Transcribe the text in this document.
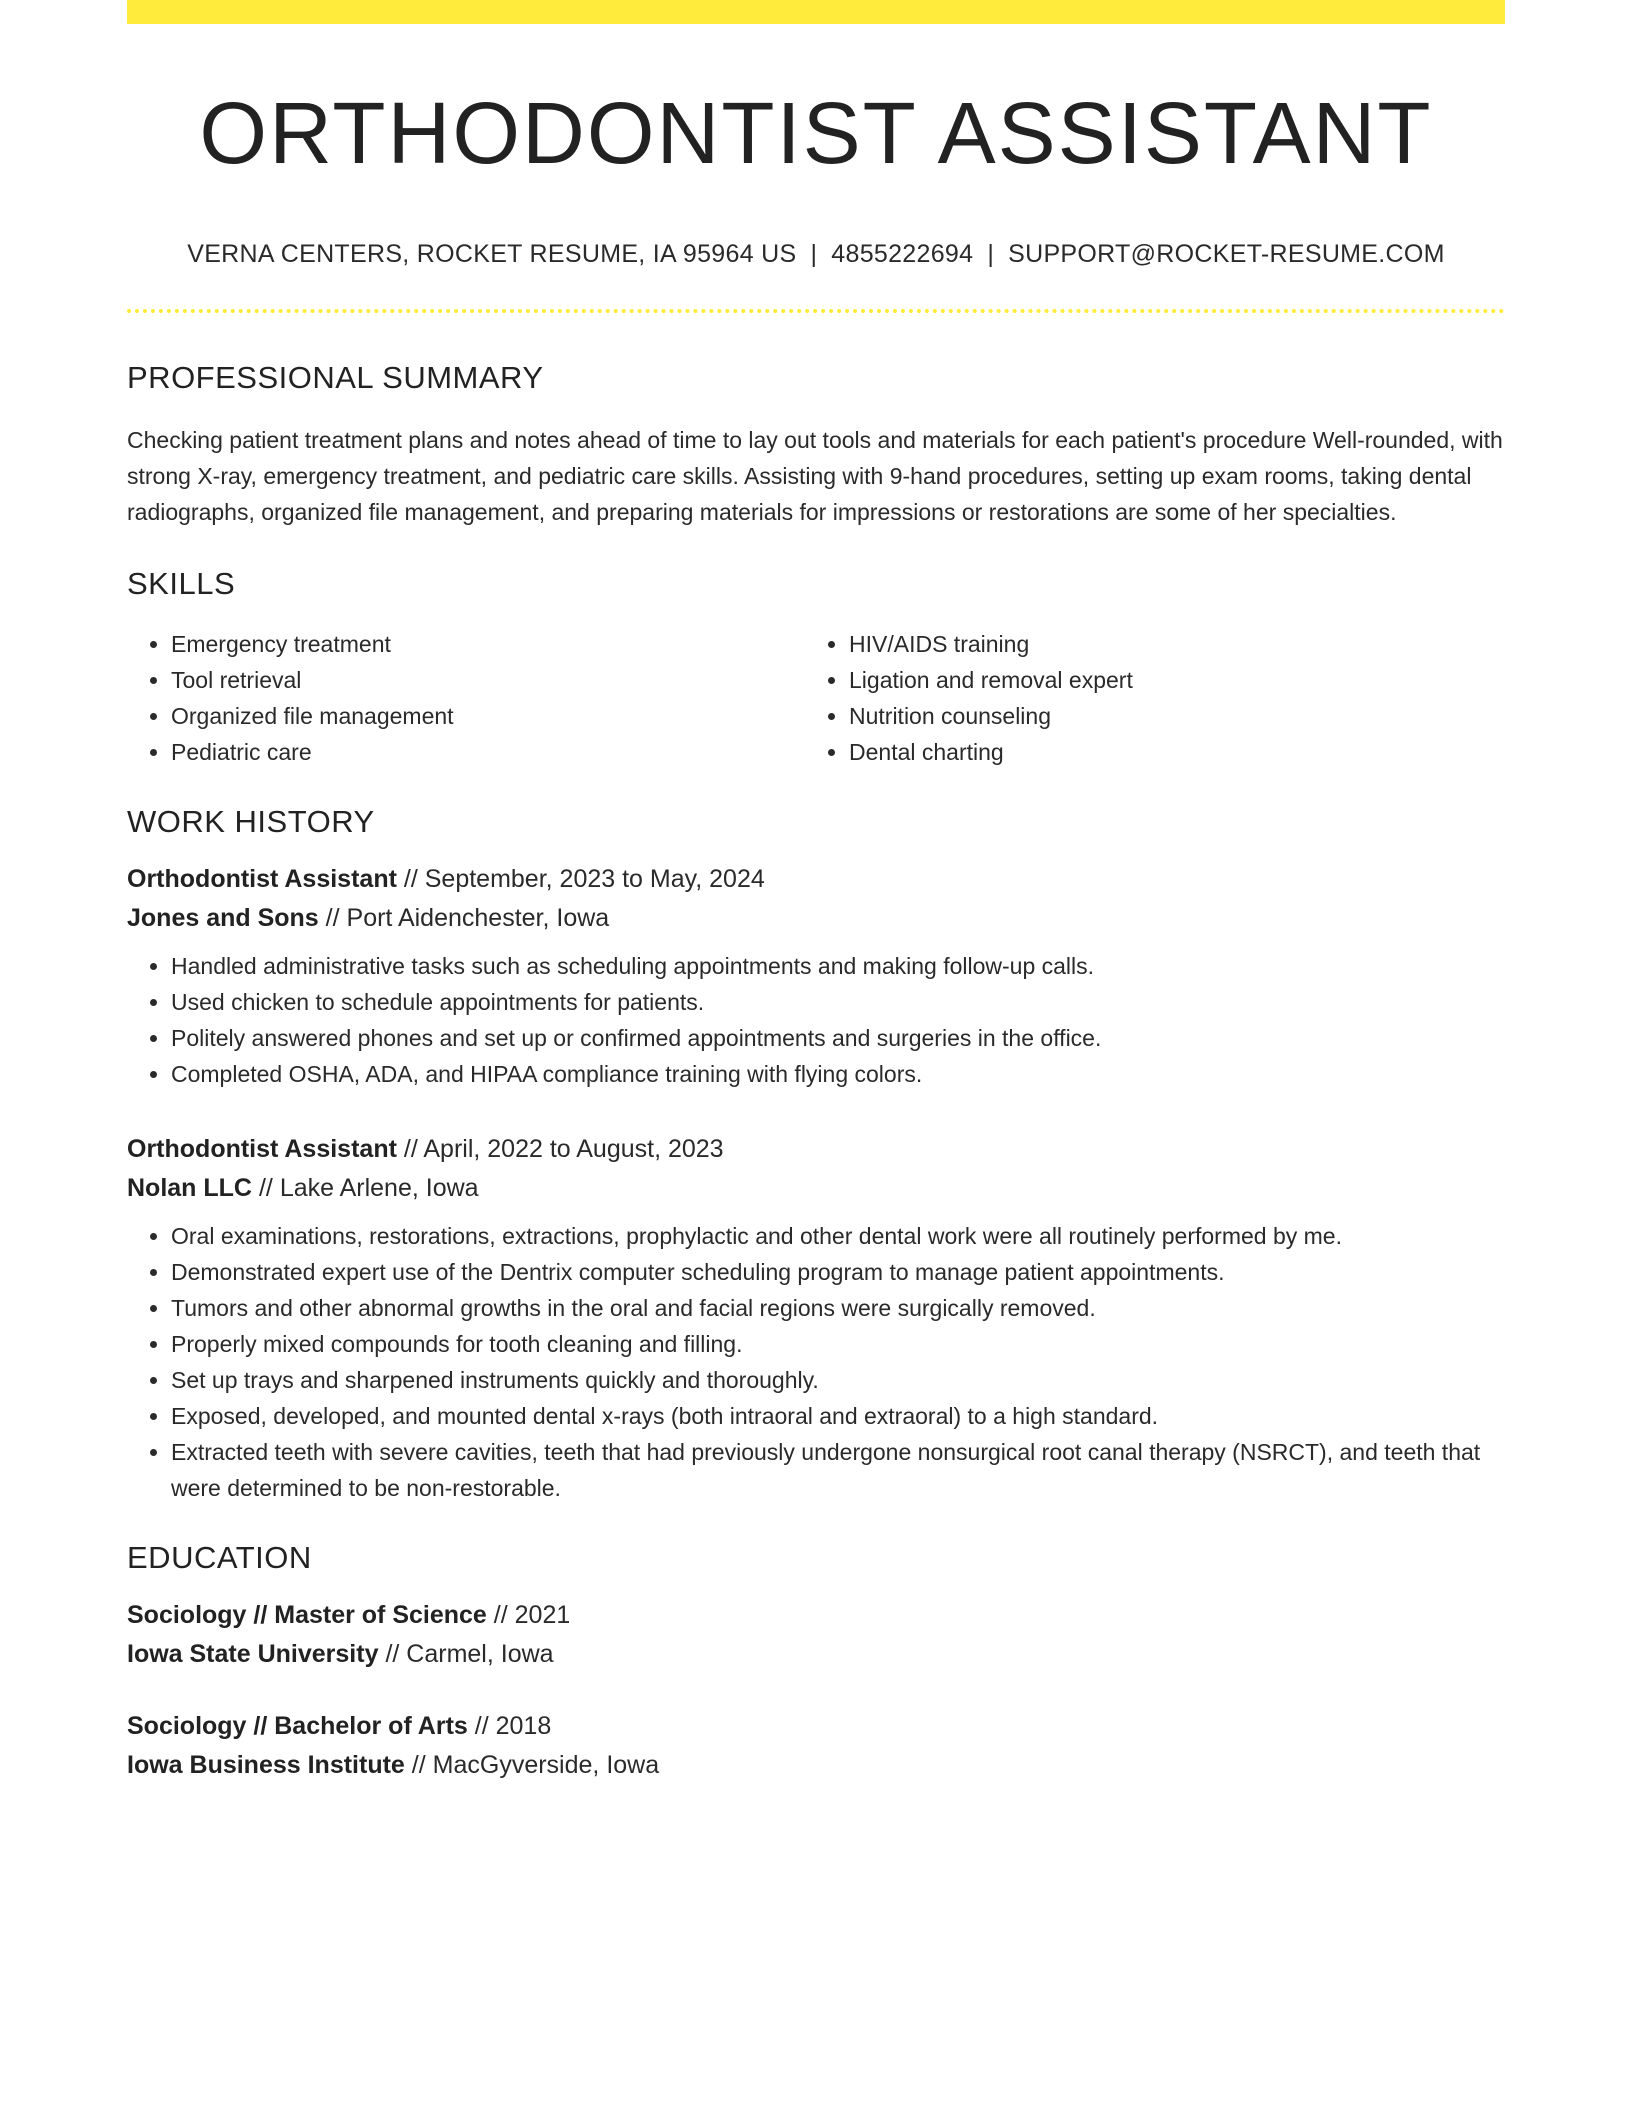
ORTHODONTIST ASSISTANT
VERNA CENTERS, ROCKET RESUME, IA 95964 US | 4855222694 | SUPPORT@ROCKET-RESUME.COM
PROFESSIONAL SUMMARY
Checking patient treatment plans and notes ahead of time to lay out tools and materials for each patient's procedure Well-rounded, with strong X-ray, emergency treatment, and pediatric care skills. Assisting with 9-hand procedures, setting up exam rooms, taking dental radiographs, organized file management, and preparing materials for impressions or restorations are some of her specialties.
SKILLS
• Emergency treatment
• Tool retrieval
• Organized file management
• Pediatric care
• HIV/AIDS training
• Ligation and removal expert
• Nutrition counseling
• Dental charting
WORK HISTORY
Orthodontist Assistant // September, 2023 to May, 2024
Jones and Sons // Port Aidenchester, Iowa
• Handled administrative tasks such as scheduling appointments and making follow-up calls.
• Used chicken to schedule appointments for patients.
• Politely answered phones and set up or confirmed appointments and surgeries in the office.
• Completed OSHA, ADA, and HIPAA compliance training with flying colors.
Orthodontist Assistant // April, 2022 to August, 2023
Nolan LLC // Lake Arlene, Iowa
• Oral examinations, restorations, extractions, prophylactic and other dental work were all routinely performed by me.
• Demonstrated expert use of the Dentrix computer scheduling program to manage patient appointments.
• Tumors and other abnormal growths in the oral and facial regions were surgically removed.
• Properly mixed compounds for tooth cleaning and filling.
• Set up trays and sharpened instruments quickly and thoroughly.
• Exposed, developed, and mounted dental x-rays (both intraoral and extraoral) to a high standard.
• Extracted teeth with severe cavities, teeth that had previously undergone nonsurgical root canal therapy (NSRCT), and teeth that were determined to be non-restorable.
EDUCATION
Sociology // Master of Science // 2021
Iowa State University // Carmel, Iowa
Sociology // Bachelor of Arts // 2018
Iowa Business Institute // MacGyverside, Iowa
